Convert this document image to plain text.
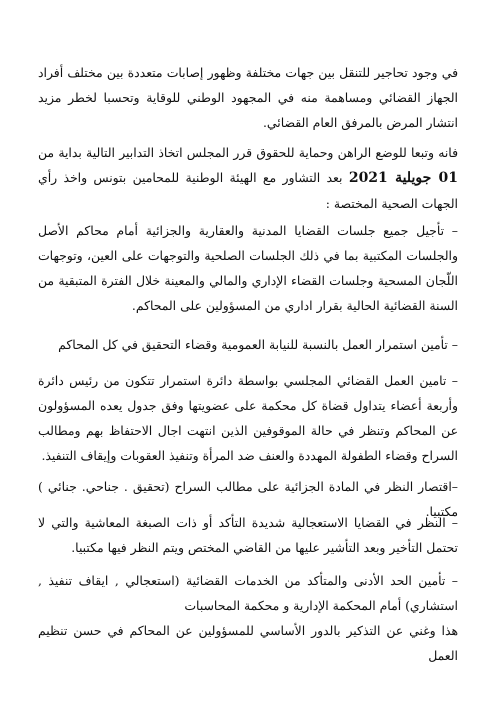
في وجود تحاجير للتنقل بين جهات مختلفة وظهور إصابات متعددة بين مختلف أفراد الجهاز القضائي ومساهمة منه في المجهود الوطني للوقاية وتحسبا لخطر مزيد انتشار المرض بالمرفق العام القضائي.

فانه وتبعا للوضع الراهن وحماية للحقوق قرر المجلس اتخاذ التدابير التالية بداية من 01 جويلية 2021 بعد التشاور مع الهيئة الوطنية للمحامين بتونس واخذ رأي الجهات الصحية المختصة :

– تأجيل جميع جلسات القضايا المدنية والعقارية والجزائية أمام محاكم الأصل والجلسات المكتبية بما في ذلك الجلسات الصلحية والتوجهات على العين، وتوجهات اللّجان المسحية وجلسات القضاء الإداري والمالي والمعينة خلال الفترة المتبقية من السنة القضائية الحالية بقرار اداري من المسؤولين على المحاكم.

– تأمين استمرار العمل بالنسبة للنيابة العمومية وقضاء التحقيق في كل المحاكم

– تامين العمل القضائي المجلسي بواسطة دائرة استمرار تتكون من رئيس دائرة وأربعة أعضاء يتداول قضاة كل محكمة على عضويتها وفق جدول يعده المسؤولون عن المحاكم وتنظر في حالة الموقوفين الذين انتهت اجال الاحتفاظ بهم ومطالب السراح وقضاء الطفولة المهددة والعنف ضد المرأة وتنفيذ العقوبات وإيقاف التنفيذ.

–اقتصار النظر في المادة الجزائية على مطالب السراح (تحقيق . جناحي. جنائي ) مكتبيا.

– النظر في القضايا الاستعجالية شديدة التأكد أو ذات الصبغة المعاشية والتي لا تحتمل التأخير وبعد التأشير عليها من القاضي المختص ويتم النظر فيها مكتبيا.

– تأمين الحد الأدنى والمتأكد من الخدمات القضائية (استعجالي , ايقاف تنفيذ , استشاري) أمام المحكمة الإدارية و محكمة المحاسبات

هذا وغني عن التذكير بالدور الأساسي للمسؤولين عن المحاكم في حسن تنظيم العمل
